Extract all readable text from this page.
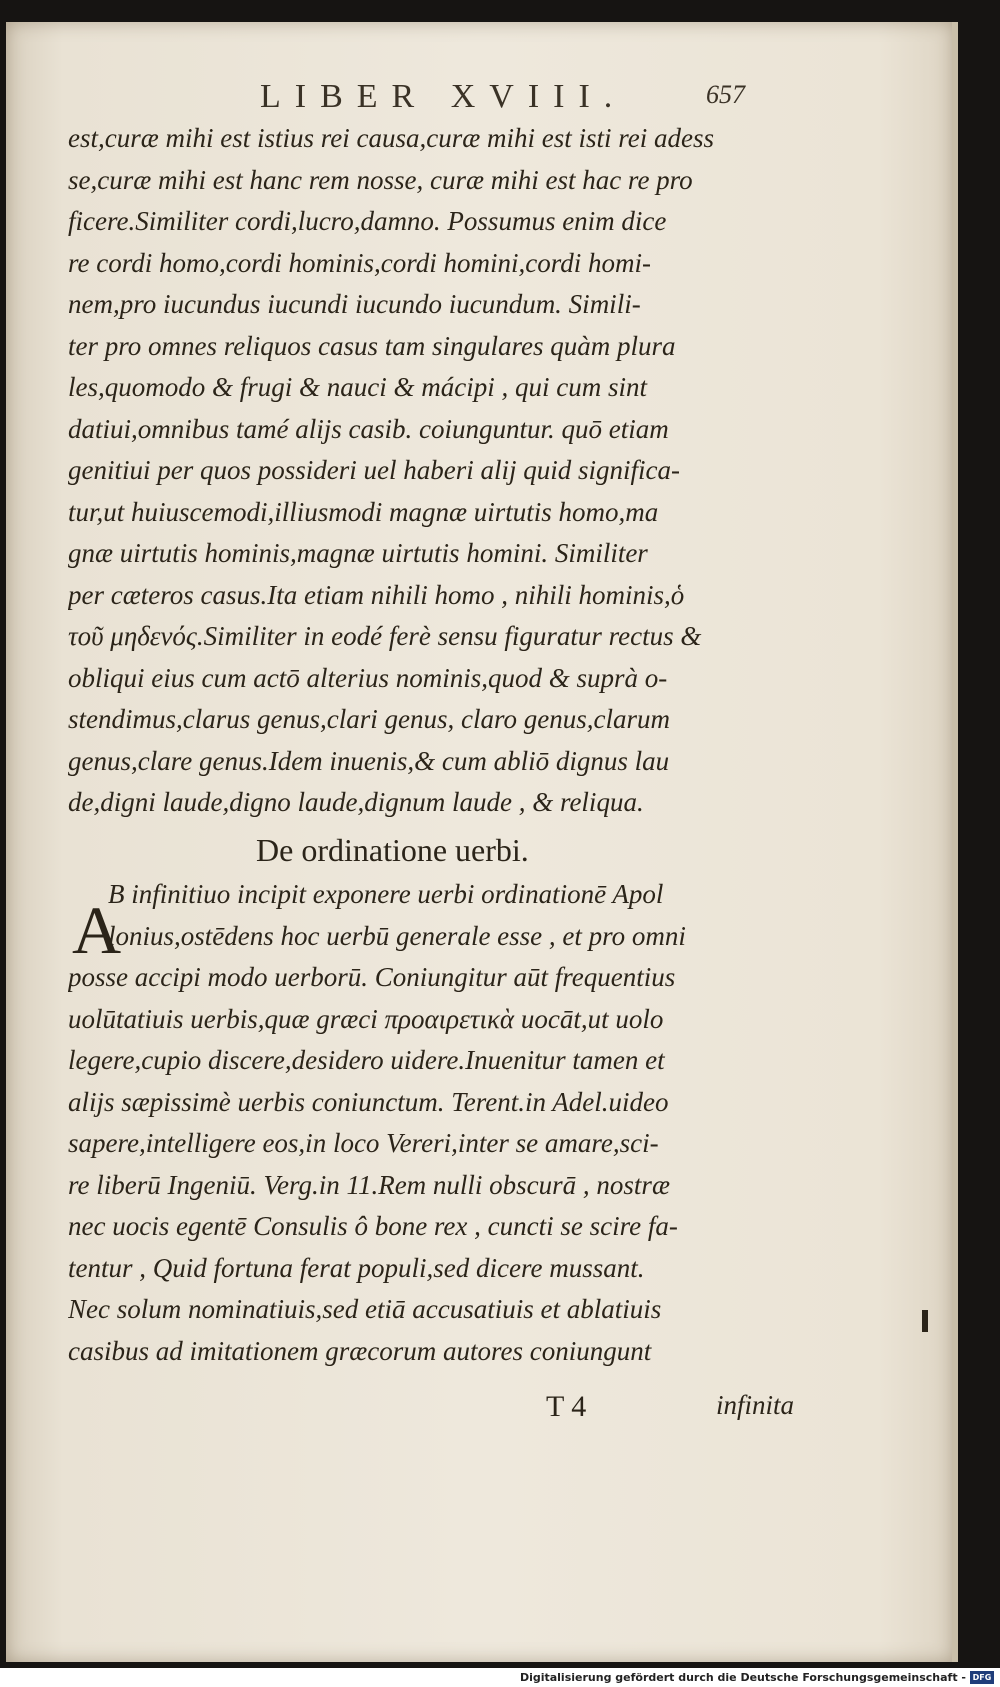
LIBER XVIII.	657
est,curæ mihi est istius rei causa,curæ mihi est isti rei adess
se,curæ mihi est hanc rem nosse, curæ mihi est hac re pro
ficere.Similiter cordi,lucro,damno. Possumus enim dice
re cordi homo,cordi hominis,cordi homini,cordi homi-
nem,pro iucundus iucundi iucundo iucundum. Simili-
ter pro omnes reliquos casus tam singulares quàm plura
les,quomodo & frugi & nauci & mácipi , qui cum sint
datiui,omnibus tamé alijs casib. coiunguntur. quō etiam
genitiui per quos possideri uel haberi alij quid significa-
tur,ut huiuscemodi,illiusmodi magnæ uirtutis homo,ma
gnæ uirtutis hominis,magnæ uirtutis homini. Similiter
per cæteros casus.Ita etiam nihili homo , nihili hominis,ὁ
τοῦ μηδενός.Similiter in eodé ferè sensu figuratur rectus &
obliqui eius cum actō alterius nominis,quod & suprà o-
stendimus,clarus genus,clari genus, claro genus,clarum
genus,clare genus.Idem inuenis,& cum abliō dignus lau
de,digni laude,digno laude,dignum laude , & reliqua.
De ordinatione uerbi.
A
B infinitiuo incipit exponere uerbi ordinationē Apol
lonius,ostēdens hoc uerbū generale esse , et pro omni
posse accipi modo uerborū. Coniungitur aūt frequentius
uolūtatiuis uerbis,quæ græci προαιρετικὰ uocāt,ut uolo
legere,cupio discere,desidero uidere.Inuenitur tamen et
alijs sæpissimè uerbis coniunctum. Terent.in Adel.uideo
sapere,intelligere eos,in loco Vereri,inter se amare,sci-
re liberū Ingeniū. Verg.in 11.Rem nulli obscurā , nostræ
nec uocis egentē Consulis ô bone rex , cuncti se scire fa-
tentur , Quid fortuna ferat populi,sed dicere mussant.
Nec solum nominatiuis,sed etiā accusatiuis et ablatiuis
casibus ad imitationem græcorum autores coniungunt
T 4	infinita
Digitalisierung gefördert durch die Deutsche Forschungsgemeinschaft - DFG
